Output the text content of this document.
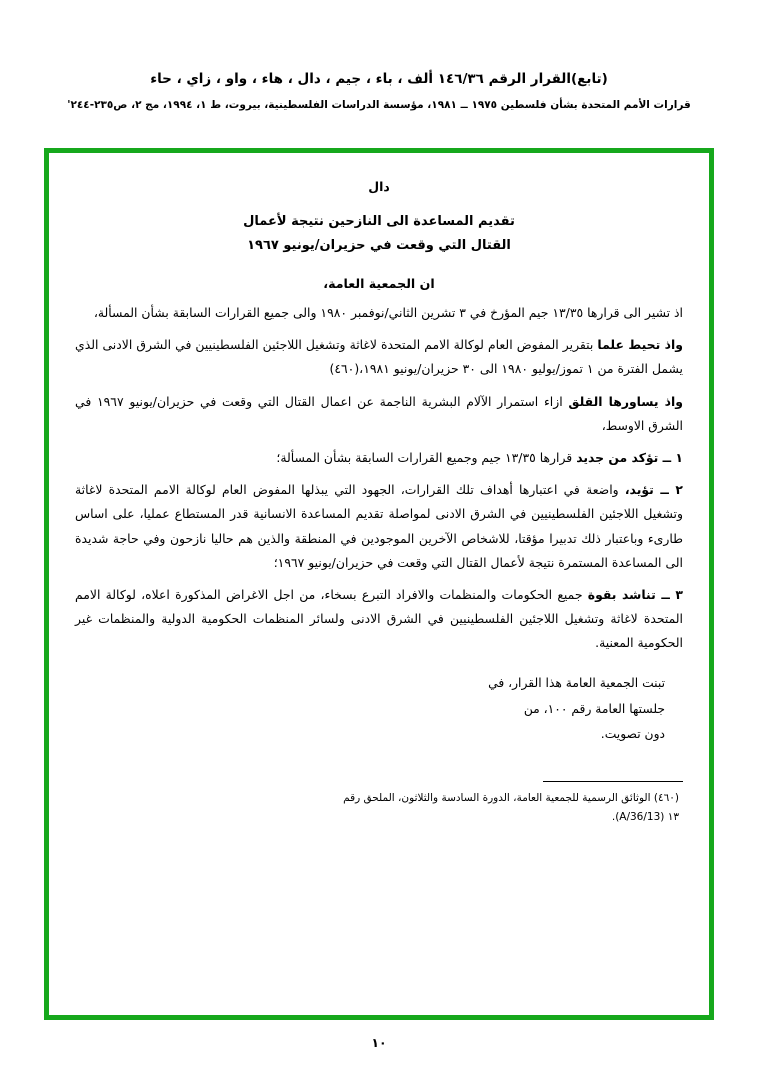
(تابع)القرار الرقم ١٤٦/٣٦ ألف ، باء ، جيم ، دال ، هاء ، واو ، زاي ، حاء
قرارات الأمم المتحدة بشأن فلسطين ١٩٧٥ ــ ١٩٨١، مؤسسة الدراسات الفلسطينية، بيروت، ط ١، ١٩٩٤، مج ٢، ص٢٣٥-٢٤٤'
دال
تقديم المساعدة الى النازحين نتيجة لأعمال
القتال التي وقعت في حزيران/يونيو ١٩٦٧
ان الجمعية العامة،
اذ تشير الى قرارها ١٣/٣٥ جيم المؤرخ في ٣ تشرين الثاني/نوفمبر ١٩٨٠ والى جميع القرارات السابقة بشأن المسألة،
واذ تحيط علما بتقرير المفوض العام لوكالة الامم المتحدة لاغاثة وتشغيل اللاجئين الفلسطينيين في الشرق الادنى الذي يشمل الفترة من ١ تموز/يوليو ١٩٨٠ الى ٣٠ حزيران/يونيو ١٩٨١،(٤٦٠)
واذ يساورها القلق ازاء استمرار الآلام البشرية الناجمة عن اعمال القتال التي وقعت في حزيران/يونيو ١٩٦٧ في الشرق الاوسط،
١ ــ تؤكد من جديد قرارها ١٣/٣٥ جيم وجميع القرارات السابقة بشأن المسألة؛
٢ ــ تؤيد، واضعة في اعتبارها أهداف تلك القرارات، الجهود التي يبذلها المفوض العام لوكالة الامم المتحدة لاغاثة وتشغيل اللاجئين الفلسطينيين في الشرق الادنى لمواصلة تقديم المساعدة الانسانية قدر المستطاع عمليا، على اساس طارىء وباعتبار ذلك تدبيرا مؤقتا، للاشخاص الآخرين الموجودين في المنطقة والذين هم حاليا نازحون وفي حاجة شديدة الى المساعدة المستمرة نتيجة لأعمال القتال التي وقعت في حزيران/يونيو ١٩٦٧؛
٣ ــ تناشد بقوة جميع الحكومات والمنظمات والافراد التبرع بسخاء، من اجل الاغراض المذكورة اعلاه، لوكالة الامم المتحدة لاغاثة وتشغيل اللاجئين الفلسطينيين في الشرق الادنى ولسائر المنظمات الحكومية الدولية والمنظمات غير الحكومية المعنية.
تبنت الجمعية العامة هذا القرار، في
جلستها العامة رقم ١٠٠، من
دون تصويت.
(٤٦٠) الوثائق الرسمية للجمعية العامة، الدورة السادسة والثلاثون، الملحق رقم
١٣ (A/36/13).
١٠
